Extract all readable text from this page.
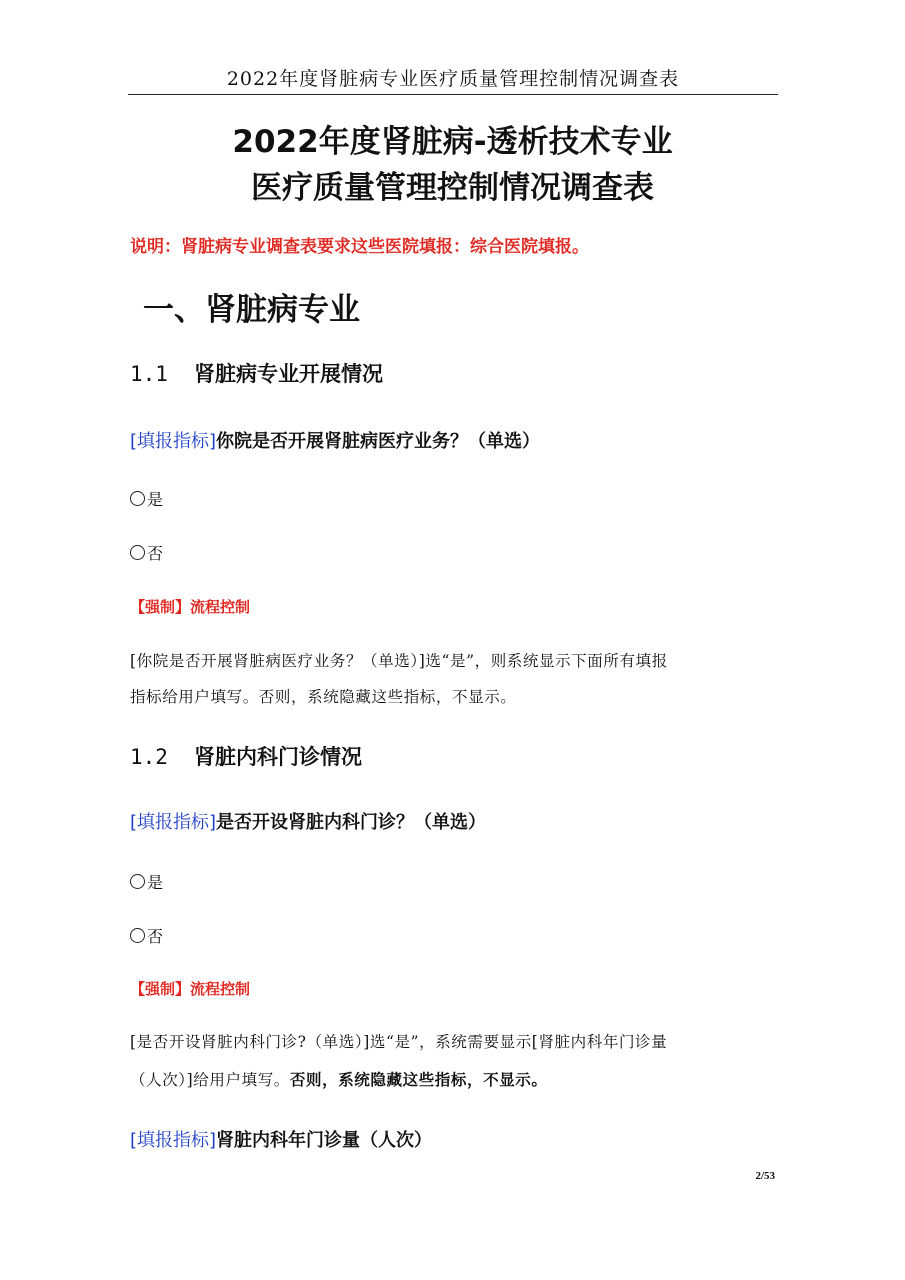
2022年度肾脏病专业医疗质量管理控制情况调查表
2022年度肾脏病-透析技术专业
医疗质量管理控制情况调查表
说明：肾脏病专业调查表要求这些医院填报：综合医院填报。
一、肾脏病专业
1.1 肾脏病专业开展情况
[填报指标]你院是否开展肾脏病医疗业务？（单选）
是
否
【强制】流程控制
[你院是否开展肾脏病医疗业务？（单选）]选“是”，则系统显示下面所有填报
指标给用户填写。否则，系统隐藏这些指标，不显示。
1.2 肾脏内科门诊情况
[填报指标]是否开设肾脏内科门诊？（单选）
是
否
【强制】流程控制
[是否开设肾脏内科门诊?（单选）]选“是”，系统需要显示[肾脏内科年门诊量
（人次）]给用户填写。否则，系统隐藏这些指标，不显示。
[填报指标]肾脏内科年门诊量（人次）
2/53
